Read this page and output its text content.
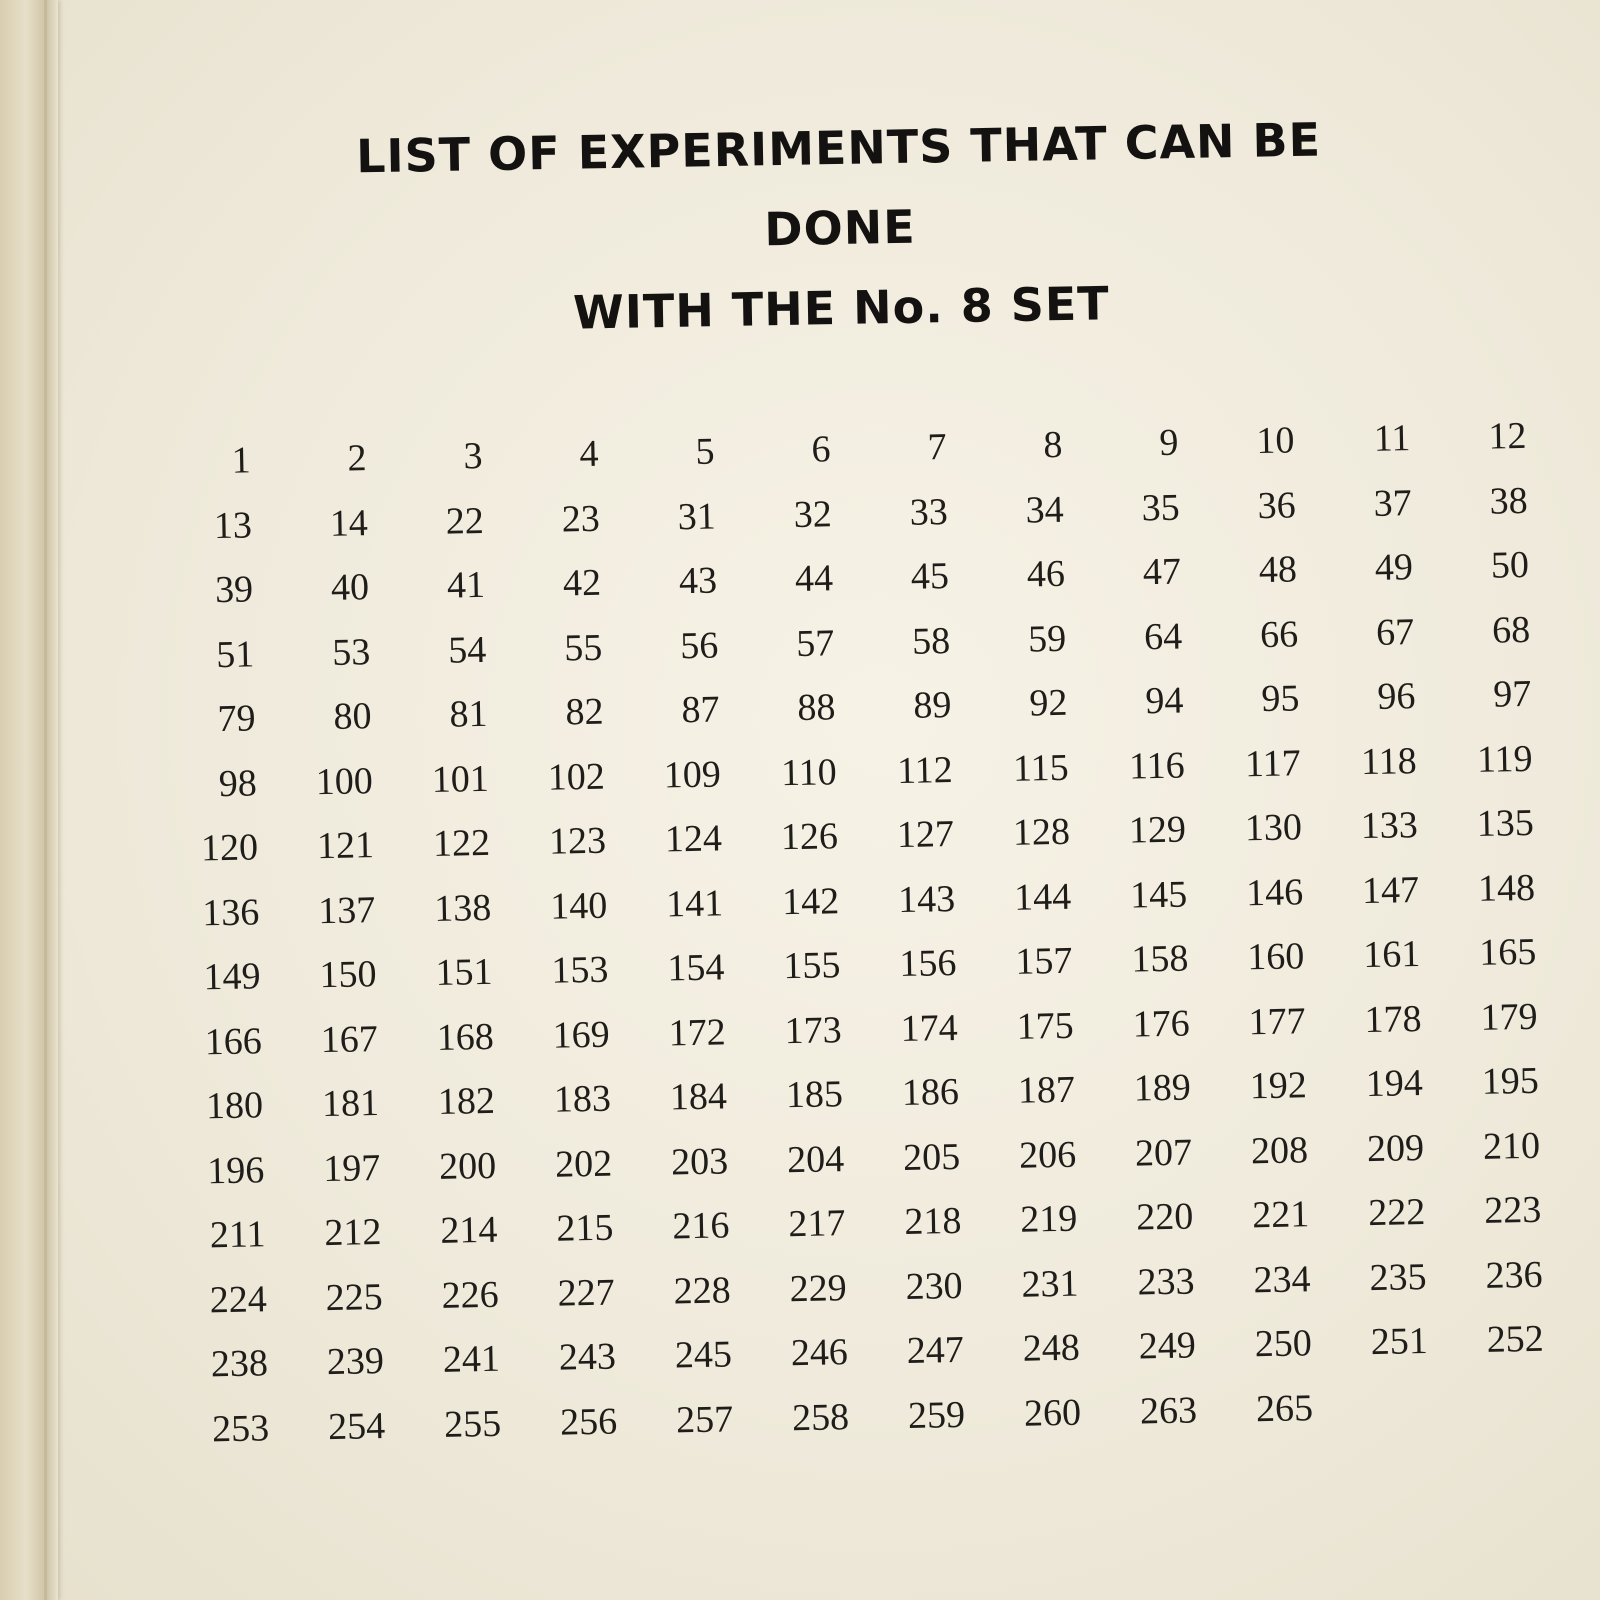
LIST OF EXPERIMENTS THAT CAN BE DONE
WITH THE No. 8 SET
1	2	3	4	5	6	7	8	9	10	11	12
13	14	22	23	31	32	33	34	35	36	37	38
39	40	41	42	43	44	45	46	47	48	49	50
51	53	54	55	56	57	58	59	64	66	67	68
79	80	81	82	87	88	89	92	94	95	96	97
98	100	101	102	109	110	112	115	116	117	118	119
120	121	122	123	124	126	127	128	129	130	133	135
136	137	138	140	141	142	143	144	145	146	147	148
149	150	151	153	154	155	156	157	158	160	161	165
166	167	168	169	172	173	174	175	176	177	178	179
180	181	182	183	184	185	186	187	189	192	194	195
196	197	200	202	203	204	205	206	207	208	209	210
211	212	214	215	216	217	218	219	220	221	222	223
224	225	226	227	228	229	230	231	233	234	235	236
238	239	241	243	245	246	247	248	249	250	251	252
253	254	255	256	257	258	259	260	263	265
